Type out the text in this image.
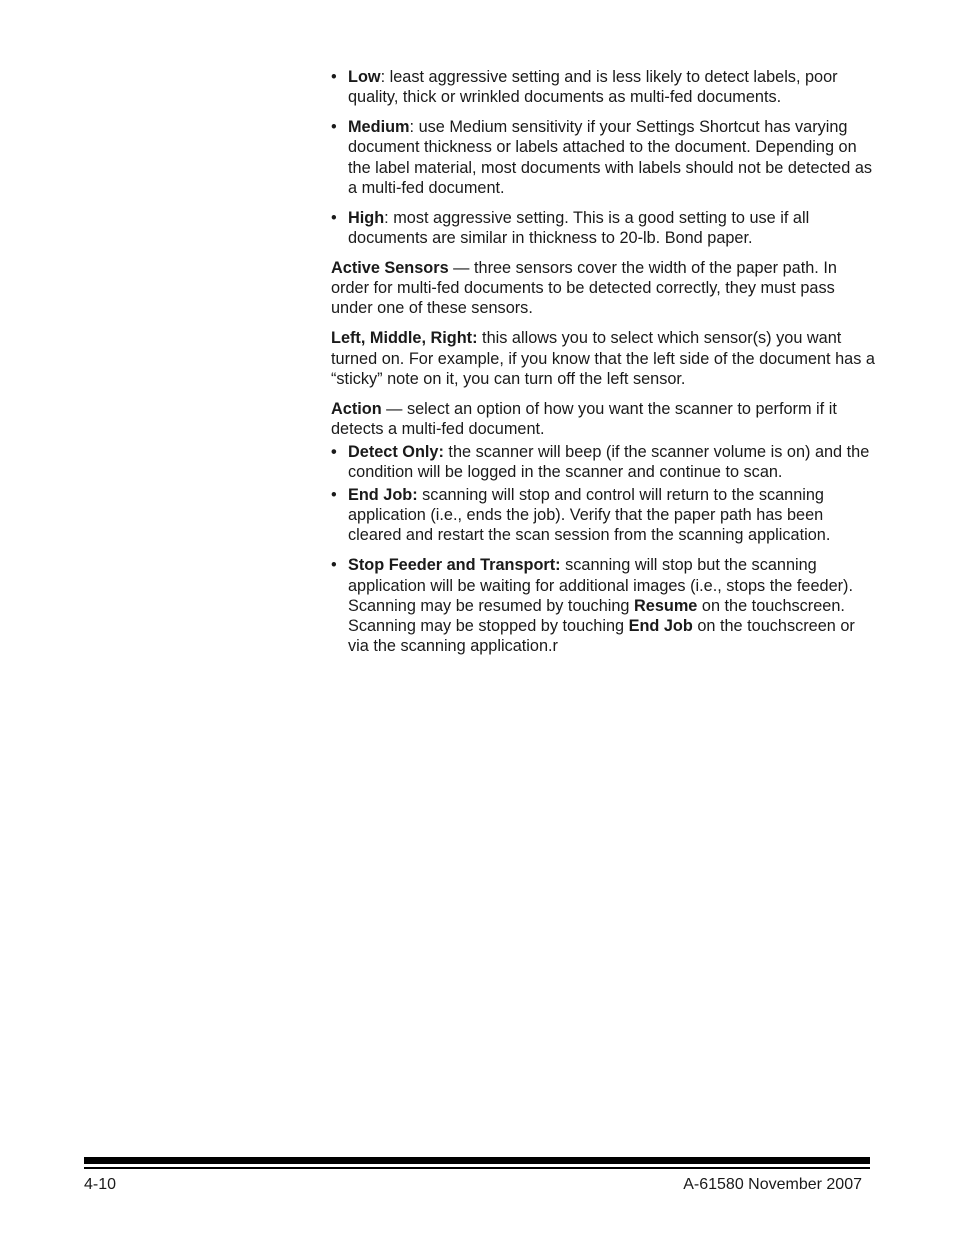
• Low: least aggressive setting and is less likely to detect labels, poor quality, thick or wrinkled documents as multi-fed documents.

• Medium: use Medium sensitivity if your Settings Shortcut has varying document thickness or labels attached to the document. Depending on the label material, most documents with labels should not be detected as a multi-fed document.

• High: most aggressive setting. This is a good setting to use if all documents are similar in thickness to 20-lb. Bond paper.

Active Sensors — three sensors cover the width of the paper path. In order for multi-fed documents to be detected correctly, they must pass under one of these sensors.

Left, Middle, Right: this allows you to select which sensor(s) you want turned on. For example, if you know that the left side of the document has a “sticky” note on it, you can turn off the left sensor.

Action — select an option of how you want the scanner to perform if it detects a multi-fed document.

• Detect Only: the scanner will beep (if the scanner volume is on) and the condition will be logged in the scanner and continue to scan.

• End Job: scanning will stop and control will return to the scanning application (i.e., ends the job). Verify that the paper path has been cleared and restart the scan session from the scanning application.

• Stop Feeder and Transport: scanning will stop but the scanning application will be waiting for additional images (i.e., stops the feeder). Scanning may be resumed by touching Resume on the touchscreen. Scanning may be stopped by touching End Job on the touchscreen or via the scanning application.r

4-10	A-61580 November 2007
